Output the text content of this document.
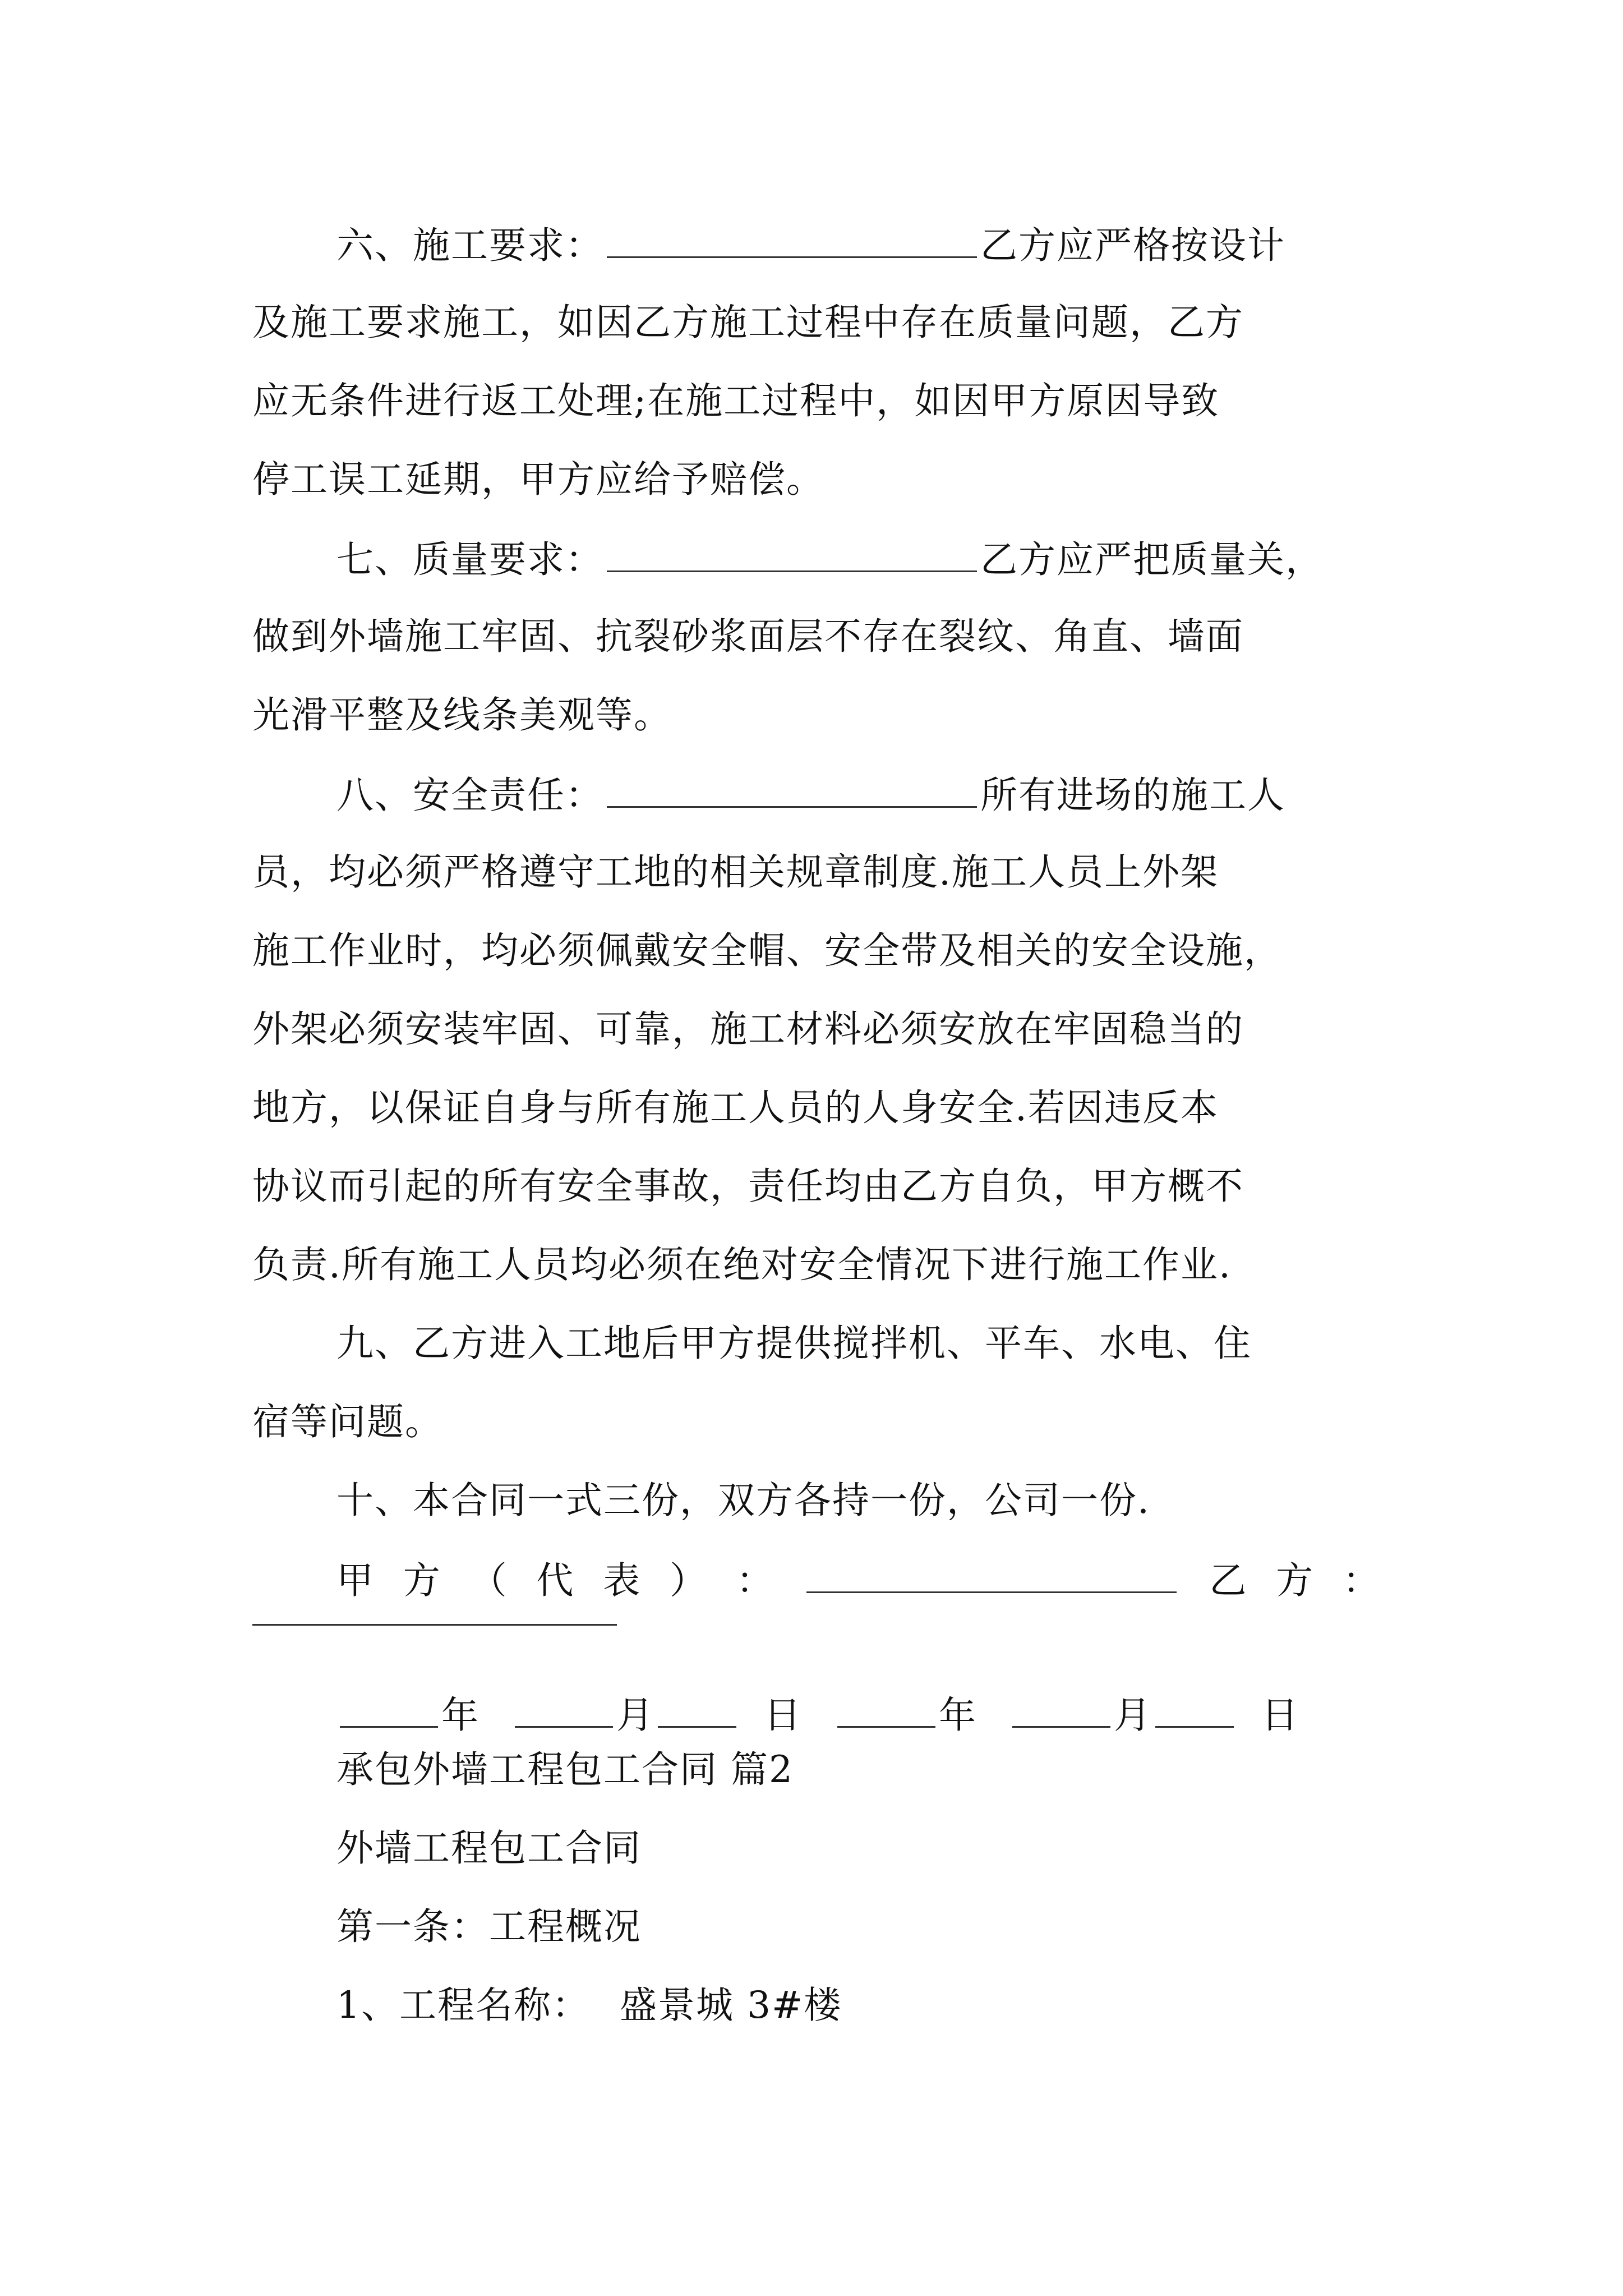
六、施工要求：	乙方应严格按设计
及施工要求施工，如因乙方施工过程中存在质量问题，乙方
应无条件进行返工处理;在施工过程中，如因甲方原因导致
停工误工延期，甲方应给予赔偿。
七、质量要求：	乙方应严把质量关，
做到外墙施工牢固、抗裂砂浆面层不存在裂纹、角直、墙面
光滑平整及线条美观等。
八、安全责任：	所有进场的施工人
员，均必须严格遵守工地的相关规章制度.施工人员上外架
施工作业时，均必须佩戴安全帽、安全带及相关的安全设施，
外架必须安装牢固、可靠，施工材料必须安放在牢固稳当的
地方，以保证自身与所有施工人员的人身安全.若因违反本
协议而引起的所有安全事故，责任均由乙方自负，甲方概不
负责.所有施工人员均必须在绝对安全情况下进行施工作业.
九、乙方进入工地后甲方提供搅拌机、平车、水电、住
宿等问题。
十、本合同一式三份，双方各持一份，公司一份.
甲 方 （ 代 表 ） ：	乙 方 ：
年	月	日	年	月	日
承包外墙工程包工合同 篇2
外墙工程包工合同
第一条：工程概况
1、工程名称： 盛景城 3#楼
